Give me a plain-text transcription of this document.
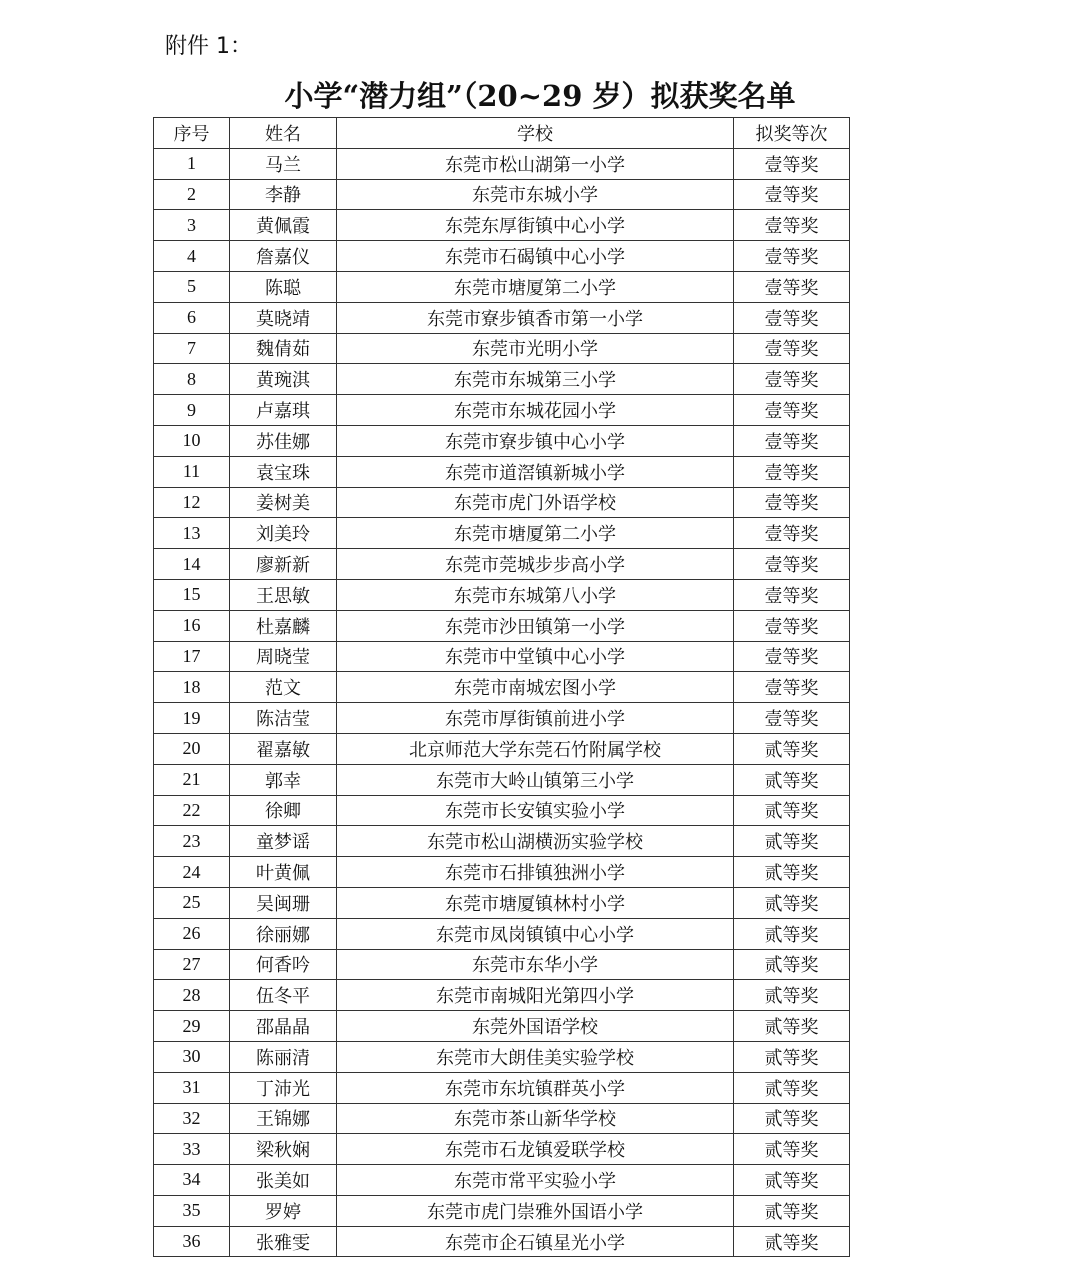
附件 1：
小学“潜力组”（20~29 岁）拟获奖名单
序号	姓名	学校	拟奖等次
1	马兰	东莞市松山湖第一小学	壹等奖
2	李静	东莞市东城小学	壹等奖
3	黄佩霞	东莞东厚街镇中心小学	壹等奖
4	詹嘉仪	东莞市石碣镇中心小学	壹等奖
5	陈聪	东莞市塘厦第二小学	壹等奖
6	莫晓靖	东莞市寮步镇香市第一小学	壹等奖
7	魏倩茹	东莞市光明小学	壹等奖
8	黄琬淇	东莞市东城第三小学	壹等奖
9	卢嘉琪	东莞市东城花园小学	壹等奖
10	苏佳娜	东莞市寮步镇中心小学	壹等奖
11	袁宝珠	东莞市道滘镇新城小学	壹等奖
12	姜树美	东莞市虎门外语学校	壹等奖
13	刘美玲	东莞市塘厦第二小学	壹等奖
14	廖新新	东莞市莞城步步高小学	壹等奖
15	王思敏	东莞市东城第八小学	壹等奖
16	杜嘉麟	东莞市沙田镇第一小学	壹等奖
17	周晓莹	东莞市中堂镇中心小学	壹等奖
18	范文	东莞市南城宏图小学	壹等奖
19	陈洁莹	东莞市厚街镇前进小学	壹等奖
20	翟嘉敏	北京师范大学东莞石竹附属学校	贰等奖
21	郭幸	东莞市大岭山镇第三小学	贰等奖
22	徐卿	东莞市长安镇实验小学	贰等奖
23	童梦谣	东莞市松山湖横沥实验学校	贰等奖
24	叶黄佩	东莞市石排镇独洲小学	贰等奖
25	吴闽珊	东莞市塘厦镇林村小学	贰等奖
26	徐丽娜	东莞市凤岗镇镇中心小学	贰等奖
27	何香吟	东莞市东华小学	贰等奖
28	伍冬平	东莞市南城阳光第四小学	贰等奖
29	邵晶晶	东莞外国语学校	贰等奖
30	陈丽清	东莞市大朗佳美实验学校	贰等奖
31	丁沛光	东莞市东坑镇群英小学	贰等奖
32	王锦娜	东莞市茶山新华学校	贰等奖
33	梁秋娴	东莞市石龙镇爱联学校	贰等奖
34	张美如	东莞市常平实验小学	贰等奖
35	罗婷	东莞市虎门崇雅外国语小学	贰等奖
36	张雅雯	东莞市企石镇星光小学	贰等奖
